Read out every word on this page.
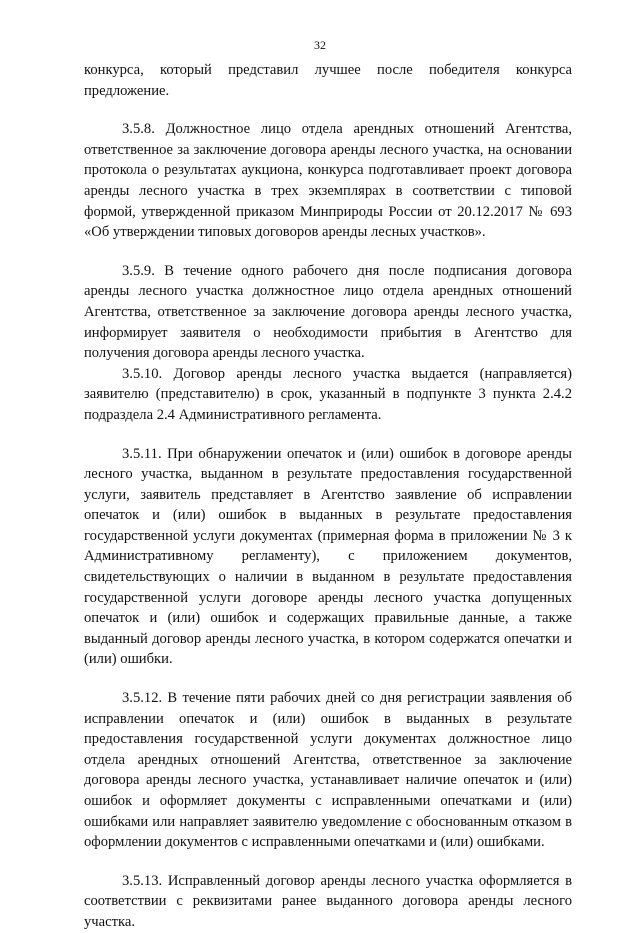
32

конкурса, который представил лучшее после победителя конкурса предложение.

3.5.8. Должностное лицо отдела арендных отношений Агентства, ответственное за заключение договора аренды лесного участка, на основании протокола о результатах аукциона, конкурса подготавливает проект договора аренды лесного участка в трех экземплярах в соответствии с типовой формой, утвержденной приказом Минприроды России от 20.12.2017 № 693 «Об утверждении типовых договоров аренды лесных участков».

3.5.9. В течение одного рабочего дня после подписания договора аренды лесного участка должностное лицо отдела арендных отношений Агентства, ответственное за заключение договора аренды лесного участка, информирует заявителя о необходимости прибытия в Агентство для получения договора аренды лесного участка.

3.5.10. Договор аренды лесного участка выдается (направляется) заявителю (представителю) в срок, указанный в подпункте 3 пункта 2.4.2 подраздела 2.4 Административного регламента.

3.5.11. При обнаружении опечаток и (или) ошибок в договоре аренды лесного участка, выданном в результате предоставления государственной услуги, заявитель представляет в Агентство заявление об исправлении опечаток и (или) ошибок в выданных в результате предоставления государственной услуги документах (примерная форма в приложении № 3 к Административному регламенту), с приложением документов, свидетельствующих о наличии в выданном в результате предоставления государственной услуги договоре аренды лесного участка допущенных опечаток и (или) ошибок и содержащих правильные данные, а также выданный договор аренды лесного участка, в котором содержатся опечатки и (или) ошибки.

3.5.12. В течение пяти рабочих дней со дня регистрации заявления об исправлении опечаток и (или) ошибок в выданных в результате предоставления государственной услуги документах должностное лицо отдела арендных отношений Агентства, ответственное за заключение договора аренды лесного участка, устанавливает наличие опечаток и (или) ошибок и оформляет документы с исправленными опечатками и (или) ошибками или направляет заявителю уведомление с обоснованным отказом в оформлении документов с исправленными опечатками и (или) ошибками.

3.5.13. Исправленный договор аренды лесного участка оформляется в соответствии с реквизитами ранее выданного договора аренды лесного участка.
